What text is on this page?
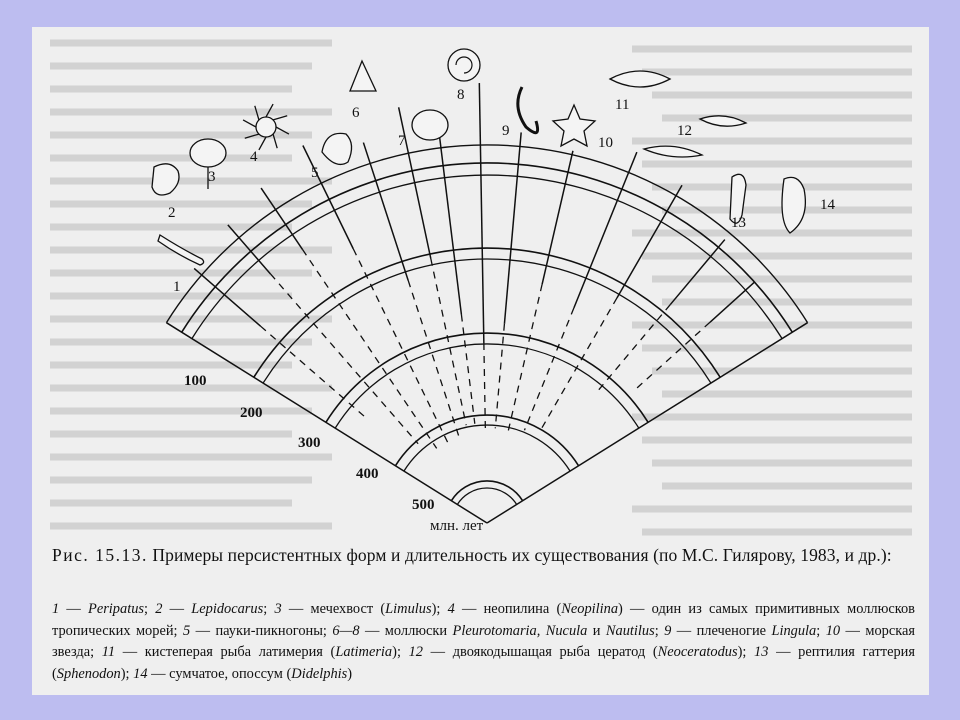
1
2
3
4
5
6
7
8
9
10
11
12
13
14
100
200
300
400
500
млн. лет
Рис. 15.13. Примеры персистентных форм и длительность их существования (по М.С. Гилярову, 1983, и др.):
1 — Peripatus; 2 — Lepidocarus; 3 — мечехвост (Limulus); 4 — неопилина (Neopilina) — один из самых примитивных моллюсков тропических морей; 5 — пауки-пикногоны; 6—8 — моллюски Pleurotomaria, Nucula и Nautilus; 9 — плеченогие Lingula; 10 — морская звезда; 11 — кистеперая рыба латимерия (Latimeria); 12 — двоякодышащая рыба цератод (Neoceratodus); 13 — рептилия гаттерия (Sphenodon); 14 — сумчатое, опоссум (Didelphis)
